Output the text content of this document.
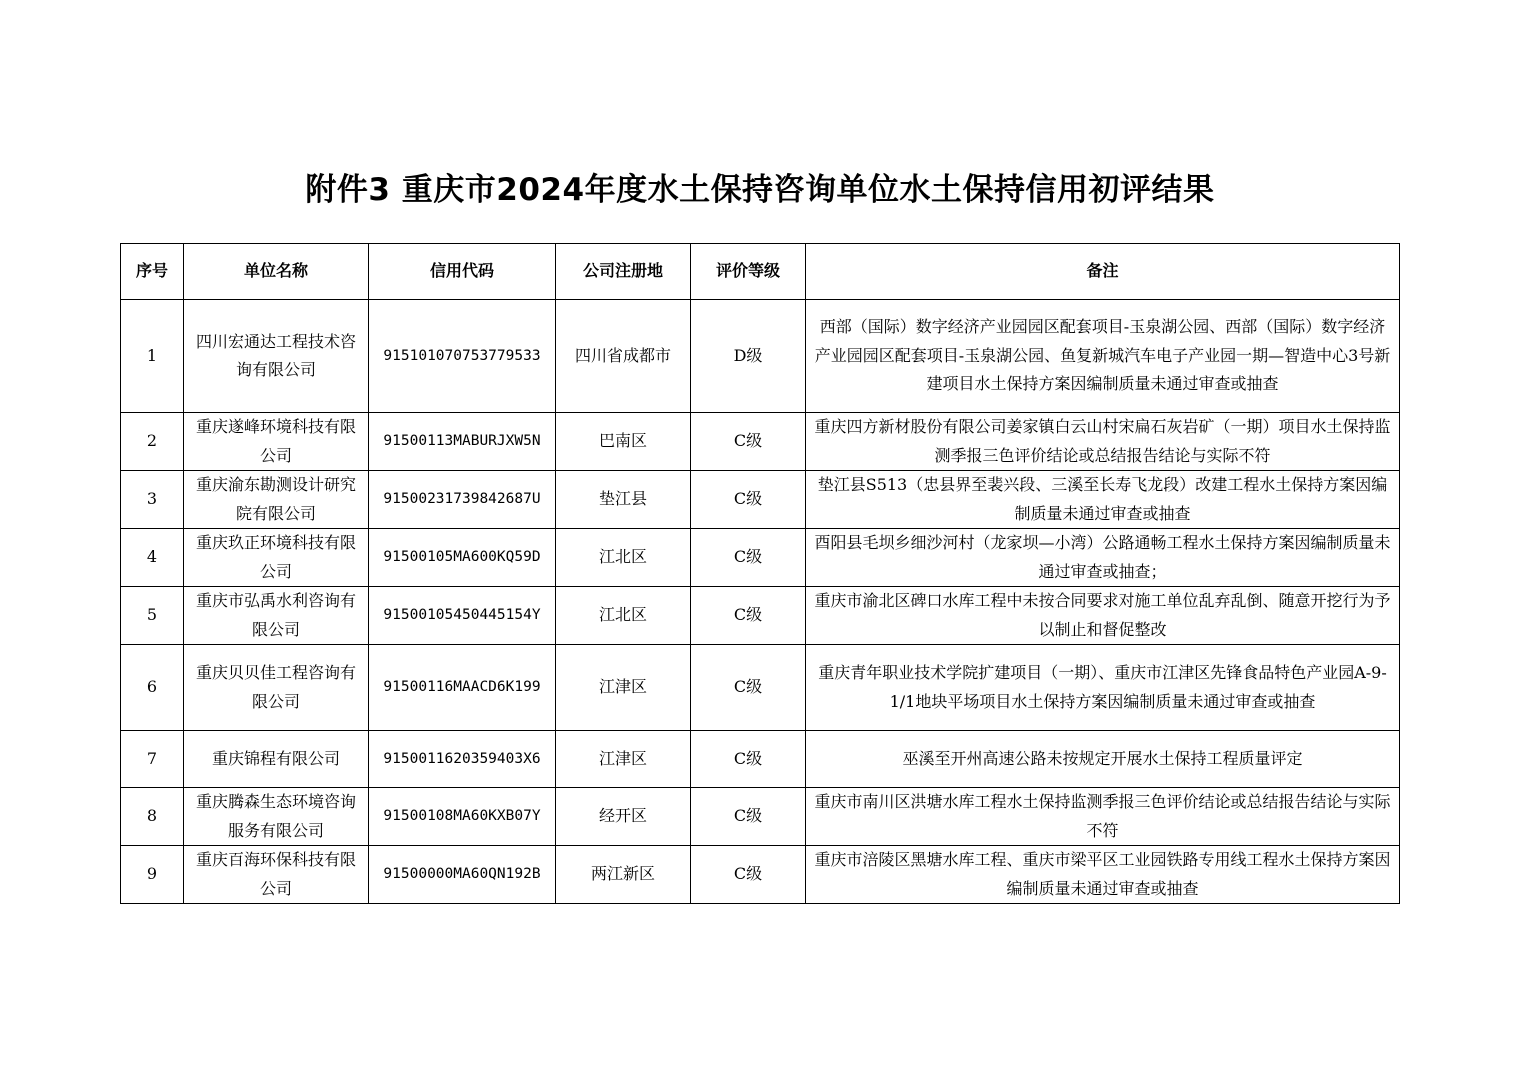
附件3 重庆市2024年度水土保持咨询单位水土保持信用初评结果
序号	单位名称	信用代码	公司注册地	评价等级	备注
1	四川宏通达工程技术咨询有限公司	915101070753779533	四川省成都市	D级	西部（国际）数字经济产业园园区配套项目-玉泉湖公园、西部（国际）数字经济产业园园区配套项目-玉泉湖公园、鱼复新城汽车电子产业园一期—智造中心3号新建项目水土保持方案因编制质量未通过审查或抽查
2	重庆遂峰环境科技有限公司	91500113MABURJXW5N	巴南区	C级	重庆四方新材股份有限公司姜家镇白云山村宋扁石灰岩矿（一期）项目水土保持监测季报三色评价结论或总结报告结论与实际不符
3	重庆渝东勘测设计研究院有限公司	91500231739842687U	垫江县	C级	垫江县S513（忠县界至裴兴段、三溪至长寿飞龙段）改建工程水土保持方案因编制质量未通过审查或抽查
4	重庆玖正环境科技有限公司	91500105MA600KQ59D	江北区	C级	酉阳县毛坝乡细沙河村（龙家坝—小湾）公路通畅工程水土保持方案因编制质量未通过审查或抽查；
5	重庆市弘禹水利咨询有限公司	91500105450445154Y	江北区	C级	重庆市渝北区碑口水库工程中未按合同要求对施工单位乱弃乱倒、随意开挖行为予以制止和督促整改
6	重庆贝贝佳工程咨询有限公司	91500116MAACD6K199	江津区	C级	重庆青年职业技术学院扩建项目（一期）、重庆市江津区先锋食品特色产业园A-9-1/1地块平场项目水土保持方案因编制质量未通过审查或抽查
7	重庆锦程有限公司	9150011620359403X6	江津区	C级	巫溪至开州高速公路未按规定开展水土保持工程质量评定
8	重庆腾森生态环境咨询服务有限公司	91500108MA60KXB07Y	经开区	C级	重庆市南川区洪塘水库工程水土保持监测季报三色评价结论或总结报告结论与实际不符
9	重庆百海环保科技有限公司	91500000MA60QN192B	两江新区	C级	重庆市涪陵区黑塘水库工程、重庆市梁平区工业园铁路专用线工程水土保持方案因编制质量未通过审查或抽查
